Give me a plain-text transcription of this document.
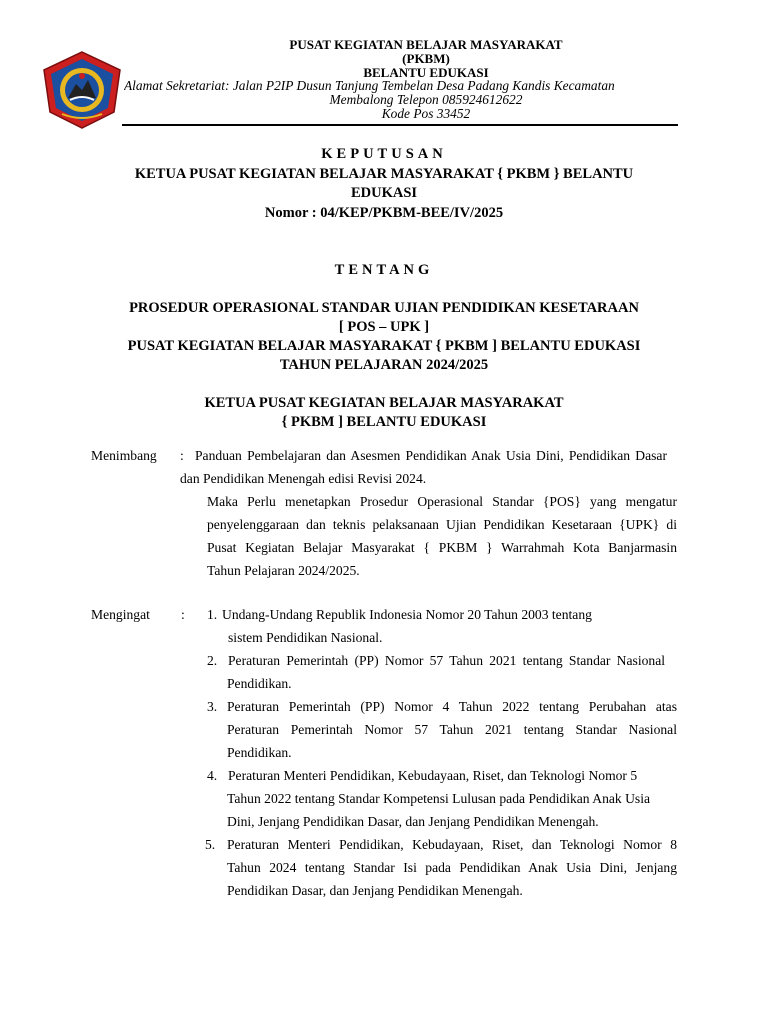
PUSAT KEGIATAN BELAJAR MASYARAKAT
(PKBM)
BELANTU EDUKASI
Alamat Sekretariat: Jalan P2IP Dusun Tanjung Tembelan Desa Padang Kandis Kecamatan
Membalong Telepon 085924612622
Kode Pos 33452
KEPUTUSAN
KETUA PUSAT KEGIATAN BELAJAR MASYARAKAT { PKBM } BELANTU
EDUKASI
Nomor : 04/KEP/PKBM-BEE/IV/2025
TENTANG
PROSEDUR OPERASIONAL STANDAR UJIAN PENDIDIKAN KESETARAAN
[ POS – UPK ]
PUSAT KEGIATAN BELAJAR MASYARAKAT { PKBM ] BELANTU EDUKASI
TAHUN PELAJARAN 2024/2025
KETUA PUSAT KEGIATAN BELAJAR MASYARAKAT
{ PKBM ] BELANTU EDUKASI
Menimbang : Panduan Pembelajaran dan Asesmen Pendidikan Anak Usia Dini, Pendidikan Dasar
dan Pendidikan Menengah edisi Revisi 2024.
Maka Perlu menetapkan Prosedur Operasional Standar {POS} yang mengatur
penyelenggaraan dan teknis pelaksanaan Ujian Pendidikan Kesetaraan {UPK} di
Pusat Kegiatan Belajar Masyarakat { PKBM } Warrahmah Kota Banjarmasin
Tahun Pelajaran 2024/2025.
Mengingat : 1. Undang-Undang Republik Indonesia Nomor 20 Tahun 2003 tentang
sistem Pendidikan Nasional.
2. Peraturan Pemerintah (PP) Nomor 57 Tahun 2021 tentang Standar Nasional
Pendidikan.
3. Peraturan Pemerintah (PP) Nomor 4 Tahun 2022 tentang Perubahan atas
Peraturan Pemerintah Nomor 57 Tahun 2021 tentang Standar Nasional
Pendidikan.
4. Peraturan Menteri Pendidikan, Kebudayaan, Riset, dan Teknologi Nomor 5
Tahun 2022 tentang Standar Kompetensi Lulusan pada Pendidikan Anak Usia
Dini, Jenjang Pendidikan Dasar, dan Jenjang Pendidikan Menengah.
5. Peraturan Menteri Pendidikan, Kebudayaan, Riset, dan Teknologi Nomor 8
Tahun 2024 tentang Standar Isi pada Pendidikan Anak Usia Dini, Jenjang
Pendidikan Dasar, dan Jenjang Pendidikan Menengah.
